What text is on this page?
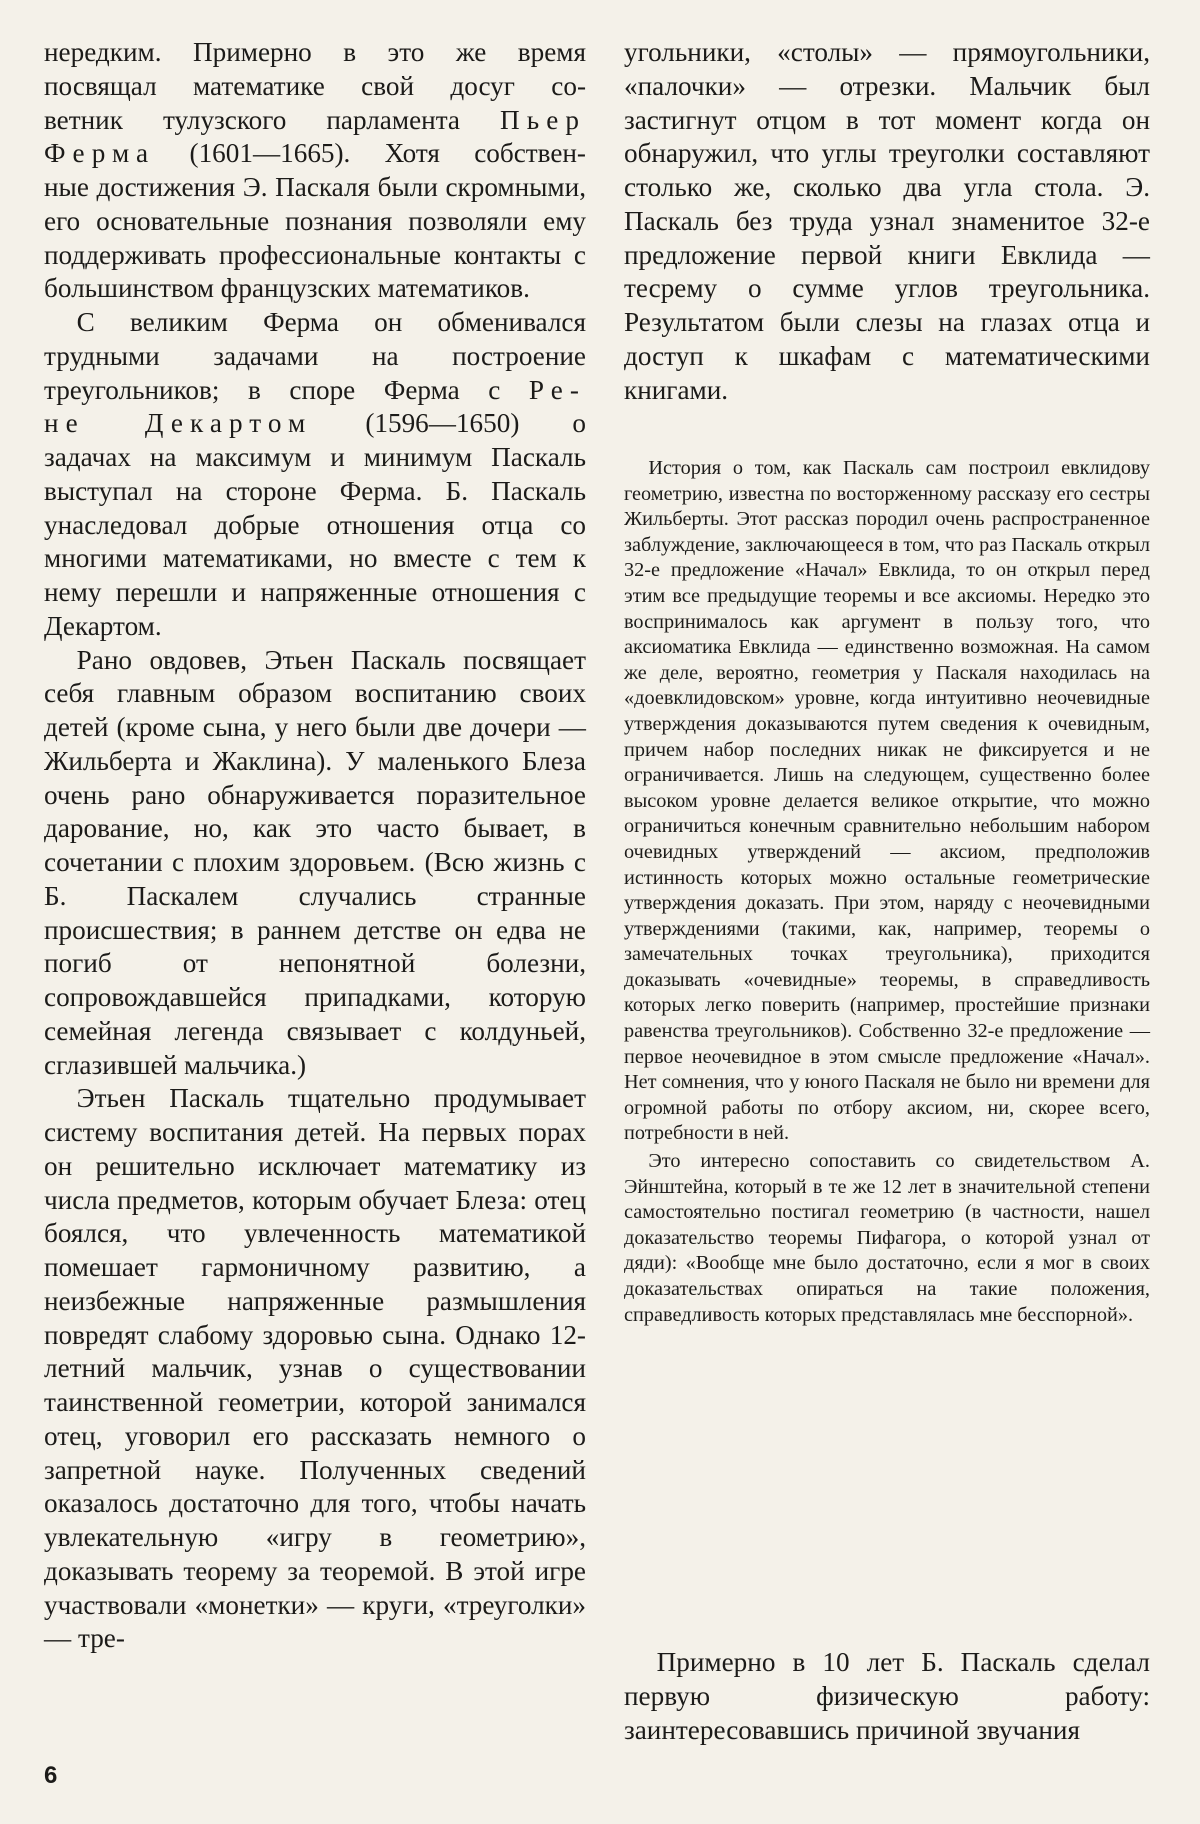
нередким. Примерно в это же время
посвящал математике свой досуг со-
ветник тулузского парламента Пьер
Ферма (1601—1665). Хотя собствен-
ные достижения Э. Паскаля были скромными, его основательные познания позволяли ему поддерживать профессиональные контакты с большинством французских математиков.
С великим Ферма он обменивался
трудными задачами на построение
треугольников; в споре Ферма с Ре-
не Декартом (1596—1650) о
задачах на максимум и минимум Паскаль выступал на стороне Ферма. Б. Паскаль унаследовал добрые отношения отца со многими математиками, но вместе с тем к нему перешли и напряженные отношения с Декартом.
Рано овдовев, Этьен Паскаль посвящает себя главным образом воспитанию своих детей (кроме сына, у него были две дочери — Жильберта и Жаклина). У маленького Блеза очень рано обнаруживается поразительное дарование, но, как это часто бывает, в сочетании с плохим здоровьем. (Всю жизнь с Б. Паскалем случались странные происшествия; в раннем детстве он едва не погиб от непонятной болезни, сопровождавшейся припадками, которую семейная легенда связывает с колдуньей, сглазившей мальчика.)
Этьен Паскаль тщательно продумывает систему воспитания детей. На первых порах он решительно исключает математику из числа предметов, которым обучает Блеза: отец боялся, что увлеченность математикой помешает гармоничному развитию, а неизбежные напряженные размышления повредят слабому здоровью сына. Однако 12-летний мальчик, узнав о существовании таинственной геометрии, которой занимался отец, уговорил его рассказать немного о запретной науке. Полученных сведений оказалось достаточно для того, чтобы начать увлекательную «игру в геометрию», доказывать теорему за теоремой. В этой игре участвовали «монетки» — круги, «треуголки» — тре-
угольники, «столы» — прямоугольники, «палочки» — отрезки. Мальчик был застигнут отцом в тот момент когда он обнаружил, что углы треуголки составляют столько же, сколько два угла стола. Э. Паскаль без труда узнал знаменитое 32-е предложение первой книги Евклида — тесрему о сумме углов треугольника. Результатом были слезы на глазах отца и доступ к шкафам с математическими книгами.
История о том, как Паскаль сам построил евклидову геометрию, известна по восторженному рассказу его сестры Жильберты. Этот рассказ породил очень распространенное заблуждение, заключающееся в том, что раз Паскаль открыл 32-е предложение «Начал» Евклида, то он открыл перед этим все предыдущие теоремы и все аксиомы. Нередко это воспринималось как аргумент в пользу того, что аксиоматика Евклида — единственно возможная. На самом же деле, вероятно, геометрия у Паскаля находилась на «доевклидовском» уровне, когда интуитивно неочевидные утверждения доказываются путем сведения к очевидным, причем набор последних никак не фиксируется и не ограничивается. Лишь на следующем, существенно более высоком уровне делается великое открытие, что можно ограничиться конечным сравнительно небольшим набором очевидных утверждений — аксиом, предположив истинность которых можно остальные геометрические утверждения доказать. При этом, наряду с неочевидными утверждениями (такими, как, например, теоремы о замечательных точках треугольника), приходится доказывать «очевидные» теоремы, в справедливость которых легко поверить (например, простейшие признаки равенства треугольников). Собственно 32-е предложение — первое неочевидное в этом смысле предложение «Начал». Нет сомнения, что у юного Паскаля не было ни времени для огромной работы по отбору аксиом, ни, скорее всего, потребности в ней.
Это интересно сопоставить со свидетельством А. Эйнштейна, который в те же 12 лет в значительной степени самостоятельно постигал геометрию (в частности, нашел доказательство теоремы Пифагора, о которой узнал от дяди): «Вообще мне было достаточно, если я мог в своих доказательствах опираться на такие положения, справедливость которых представлялась мне бесспорной».
Примерно в 10 лет Б. Паскаль сделал первую физическую работу: заинтересовавшись причиной звучания
6
